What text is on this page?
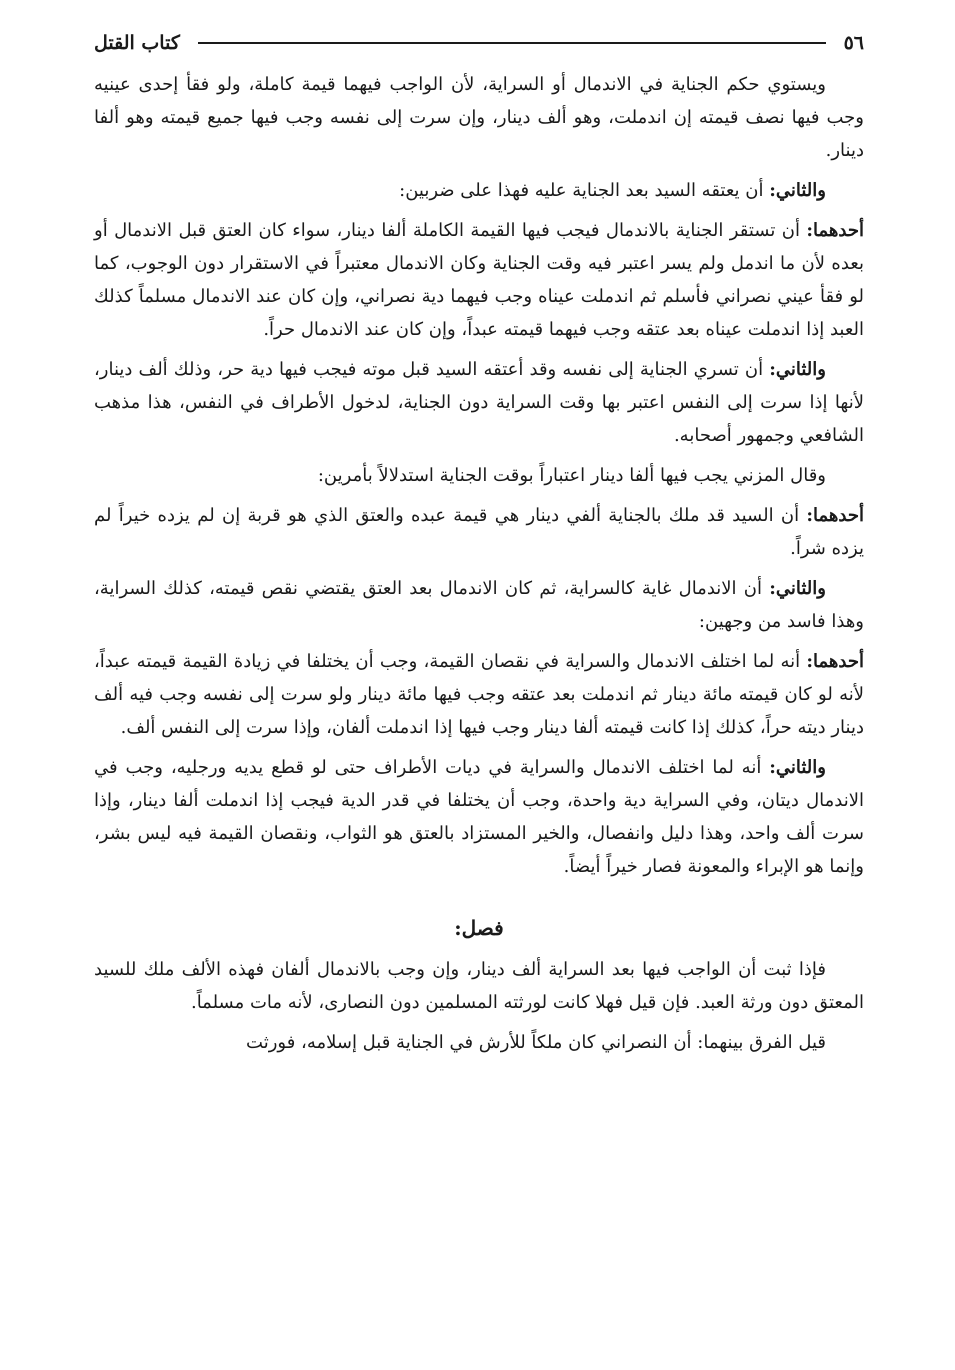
٥٦
كتاب القتل

ويستوي حكم الجناية في الاندمال أو السراية، لأن الواجب فيهما قيمة كاملة، ولو فقأ إحدى عينيه وجب فيها نصف قيمته إن اندملت، وهو ألف دينار، وإن سرت إلى نفسه وجب فيها جميع قيمته وهو ألفا دينار.

والثاني: أن يعتقه السيد بعد الجناية عليه فهذا على ضربين:

أحدهما: أن تستقر الجناية بالاندمال فيجب فيها القيمة الكاملة ألفا دينار، سواء كان العتق قبل الاندمال أو بعده لأن ما اندمل ولم يسر اعتبر فيه وقت الجناية وكان الاندمال معتبراً في الاستقرار دون الوجوب، كما لو فقأ عيني نصراني فأسلم ثم اندملت عيناه وجب فيهما دية نصراني، وإن كان عند الاندمال مسلماً كذلك العبد إذا اندملت عيناه بعد عتقه وجب فيهما قيمته عبداً، وإن كان عند الاندمال حراً.

والثاني: أن تسري الجناية إلى نفسه وقد أعتقه السيد قبل موته فيجب فيها دية حر، وذلك ألف دينار، لأنها إذا سرت إلى النفس اعتبر بها وقت السراية دون الجناية، لدخول الأطراف في النفس، هذا مذهب الشافعي وجمهور أصحابه.

وقال المزني يجب فيها ألفا دينار اعتباراً بوقت الجناية استدلالاً بأمرين:

أحدهما: أن السيد قد ملك بالجناية ألفي دينار هي قيمة عبده والعتق الذي هو قربة إن لم يزده خيراً لم يزده شراً.

والثاني: أن الاندمال غاية كالسراية، ثم كان الاندمال بعد العتق يقتضي نقص قيمته، كذلك السراية، وهذا فاسد من وجهين:

أحدهما: أنه لما اختلف الاندمال والسراية في نقصان القيمة، وجب أن يختلفا في زيادة القيمة قيمته عبداً، لأنه لو كان قيمته مائة دينار ثم اندملت بعد عتقه وجب فيها مائة دينار ولو سرت إلى نفسه وجب فيه ألف دينار ديته حراً، كذلك إذا كانت قيمته ألفا دينار وجب فيها إذا اندملت ألفان، وإذا سرت إلى النفس ألف.

والثاني: أنه لما اختلف الاندمال والسراية في ديات الأطراف حتى لو قطع يديه ورجليه، وجب في الاندمال ديتان، وفي السراية دية واحدة، وجب أن يختلفا في قدر الدية فيجب إذا اندملت ألفا دينار، وإذا سرت ألف واحد، وهذا دليل وانفصال، والخير المستزاد بالعتق هو الثواب، ونقصان القيمة فيه ليس بشر، وإنما هو الإبراء والمعونة فصار خيراً أيضاً.

فصل:

فإذا ثبت أن الواجب فيها بعد السراية ألف دينار، وإن وجب بالاندمال ألفان فهذه الألف ملك للسيد المعتق دون ورثة العبد. فإن قيل فهلا كانت لورثته المسلمين دون النصارى، لأنه مات مسلماً.

قيل الفرق بينهما: أن النصراني كان ملكاً للأرش في الجناية قبل إسلامه، فورثت
